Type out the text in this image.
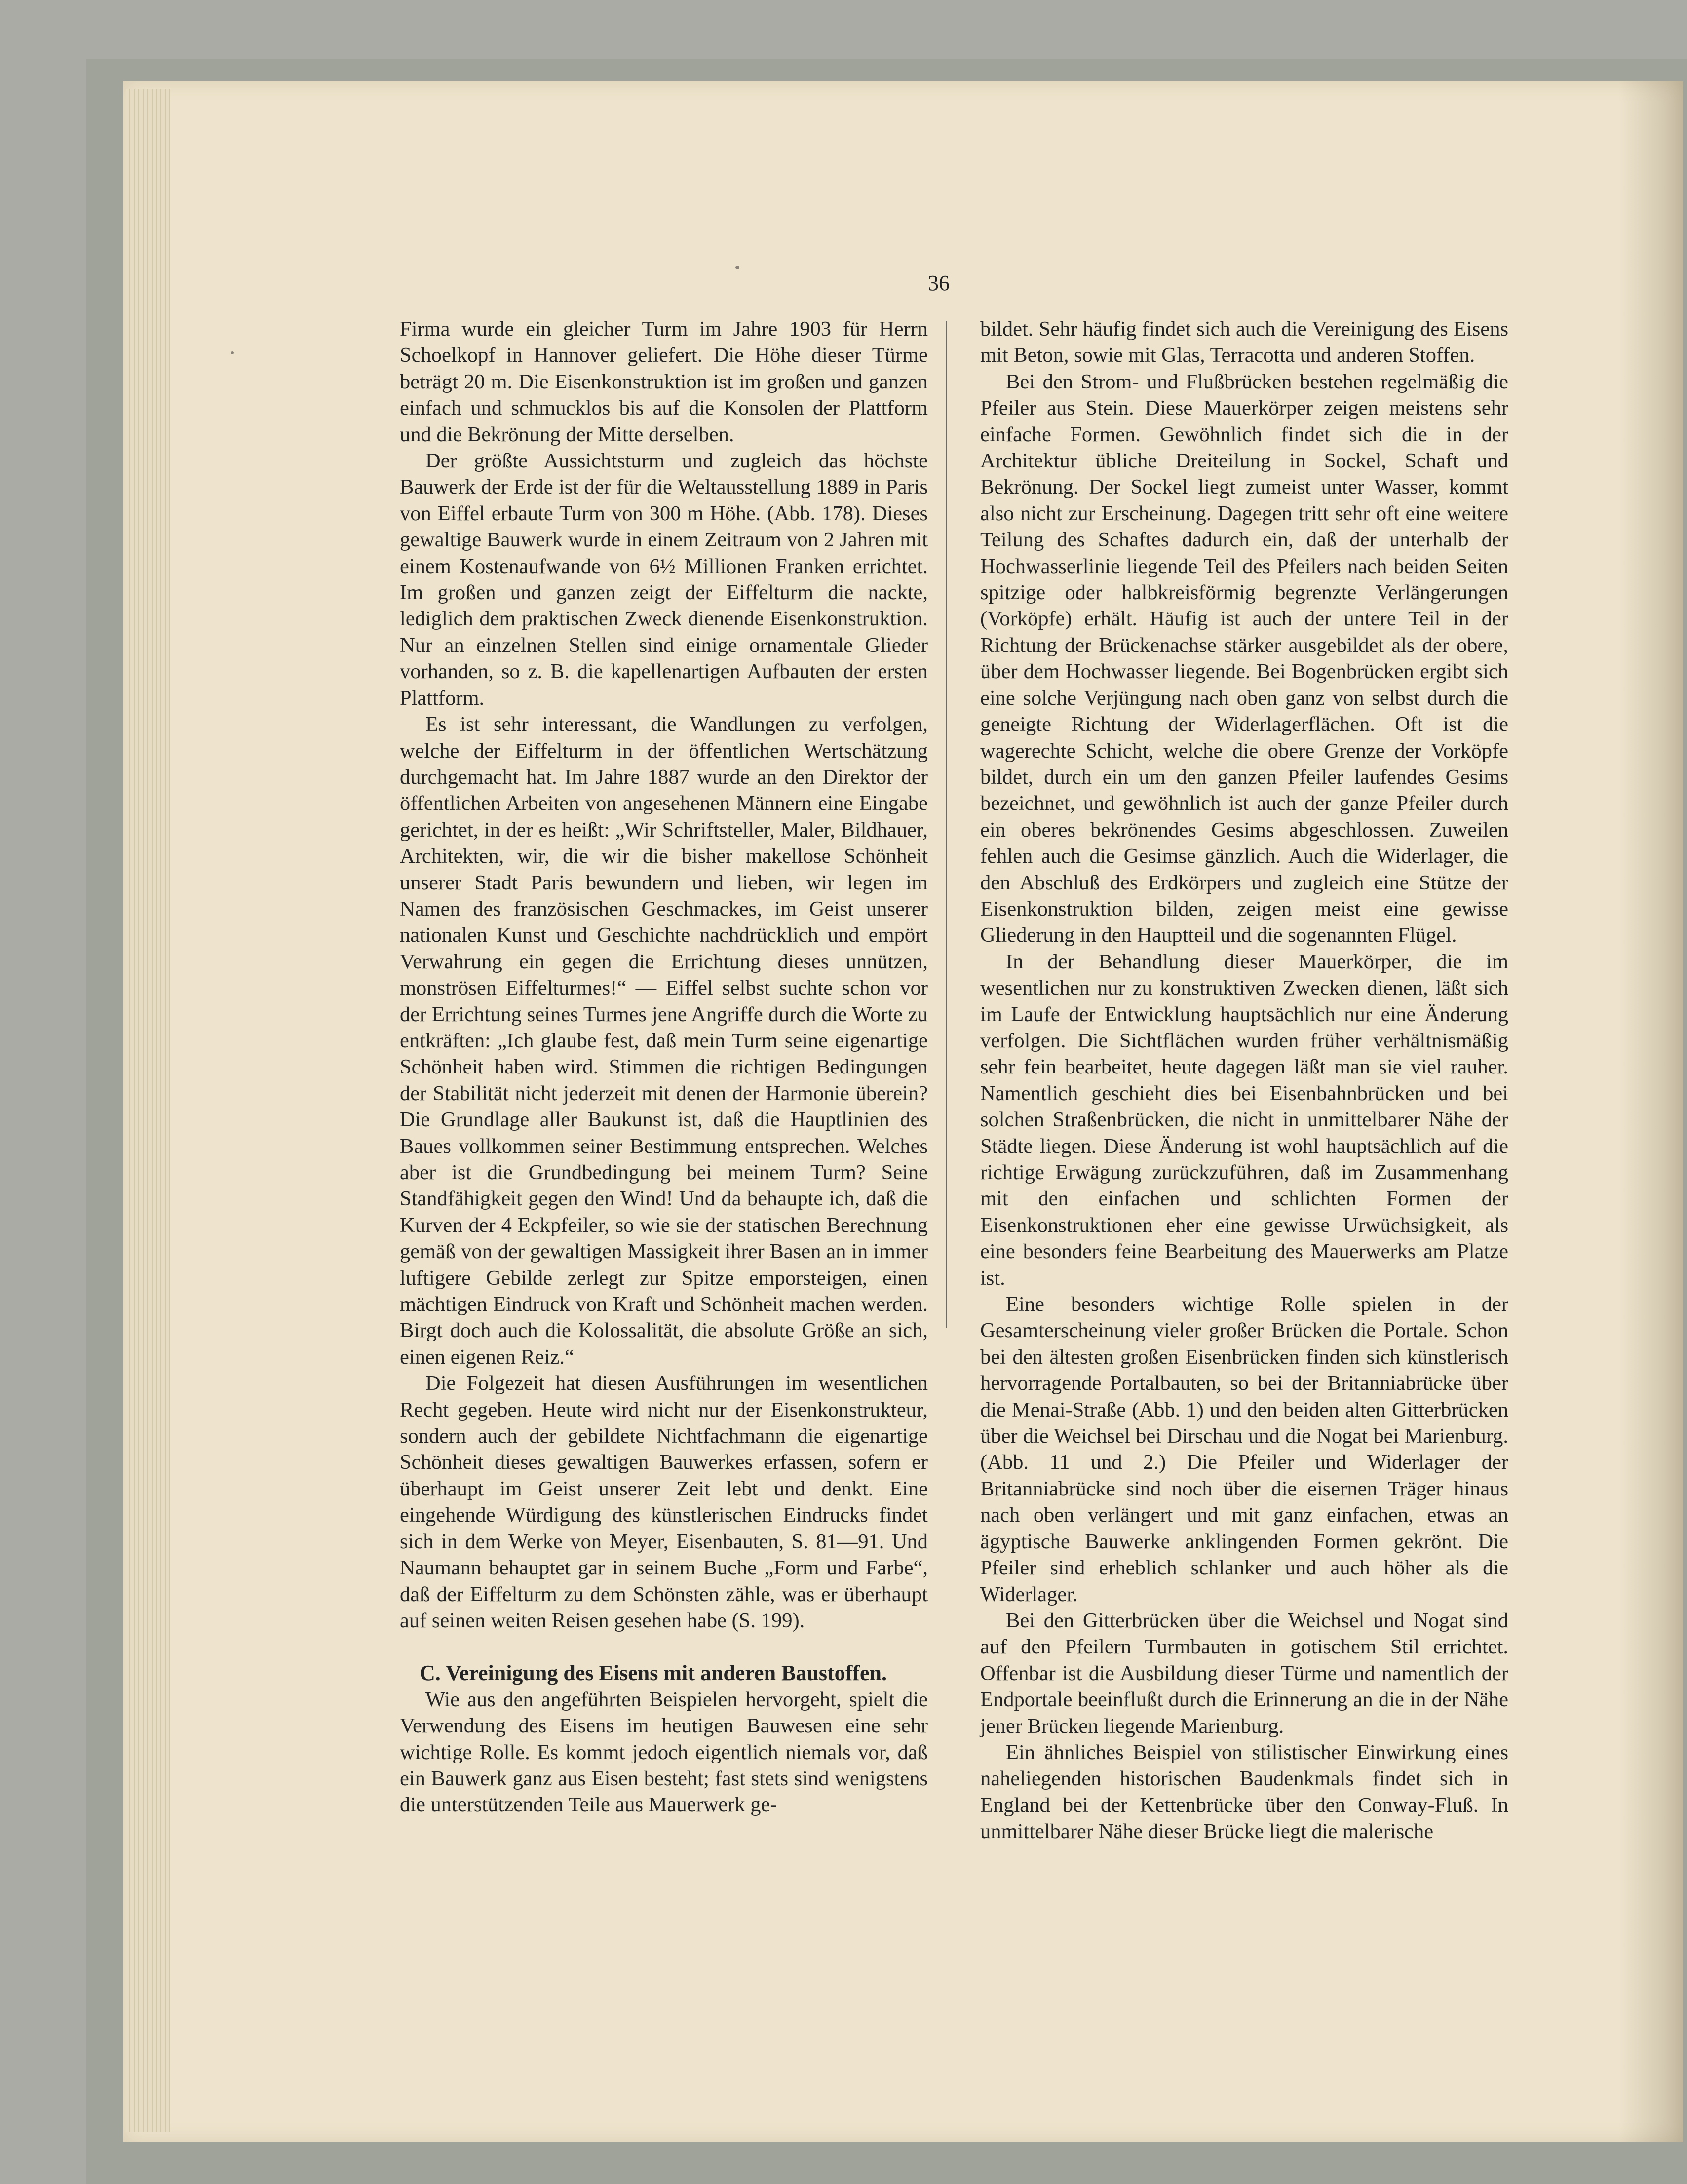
36

Firma wurde ein gleicher Turm im Jahre 1903 für Herrn Schoelkopf in Hannover geliefert. Die Höhe dieser Türme beträgt 20 m. Die Eisenkonstruktion ist im großen und ganzen einfach und schmucklos bis auf die Konsolen der Plattform und die Bekrönung der Mitte derselben.

Der größte Aussichtsturm und zugleich das höchste Bauwerk der Erde ist der für die Weltausstellung 1889 in Paris von Eiffel erbaute Turm von 300 m Höhe. (Abb. 178). Dieses gewaltige Bauwerk wurde in einem Zeitraum von 2 Jahren mit einem Kostenaufwande von 6½ Millionen Franken errichtet. Im großen und ganzen zeigt der Eiffelturm die nackte, lediglich dem praktischen Zweck dienende Eisenkonstruktion. Nur an einzelnen Stellen sind einige ornamentale Glieder vorhanden, so z. B. die kapellenartigen Aufbauten der ersten Plattform.

Es ist sehr interessant, die Wandlungen zu verfolgen, welche der Eiffelturm in der öffentlichen Wertschätzung durchgemacht hat. Im Jahre 1887 wurde an den Direktor der öffentlichen Arbeiten von angesehenen Männern eine Eingabe gerichtet, in der es heißt: „Wir Schriftsteller, Maler, Bildhauer, Architekten, wir, die wir die bisher makellose Schönheit unserer Stadt Paris bewundern und lieben, wir legen im Namen des französischen Geschmackes, im Geist unserer nationalen Kunst und Geschichte nachdrücklich und empört Verwahrung ein gegen die Errichtung dieses unnützen, monströsen Eiffelturmes!“ — Eiffel selbst suchte schon vor der Errichtung seines Turmes jene Angriffe durch die Worte zu entkräften: „Ich glaube fest, daß mein Turm seine eigenartige Schönheit haben wird. Stimmen die richtigen Bedingungen der Stabilität nicht jederzeit mit denen der Harmonie überein? Die Grundlage aller Baukunst ist, daß die Hauptlinien des Baues vollkommen seiner Bestimmung entsprechen. Welches aber ist die Grundbedingung bei meinem Turm? Seine Standfähigkeit gegen den Wind! Und da behaupte ich, daß die Kurven der 4 Eckpfeiler, so wie sie der statischen Berechnung gemäß von der gewaltigen Massigkeit ihrer Basen an in immer luftigere Gebilde zerlegt zur Spitze emporsteigen, einen mächtigen Eindruck von Kraft und Schönheit machen werden. Birgt doch auch die Kolossalität, die absolute Größe an sich, einen eigenen Reiz.“

Die Folgezeit hat diesen Ausführungen im wesentlichen Recht gegeben. Heute wird nicht nur der Eisenkonstrukteur, sondern auch der gebildete Nichtfachmann die eigenartige Schönheit dieses gewaltigen Bauwerkes erfassen, sofern er überhaupt im Geist unserer Zeit lebt und denkt. Eine eingehende Würdigung des künstlerischen Eindrucks findet sich in dem Werke von Meyer, Eisenbauten, S. 81—91. Und Naumann behauptet gar in seinem Buche „Form und Farbe“, daß der Eiffelturm zu dem Schönsten zähle, was er überhaupt auf seinen weiten Reisen gesehen habe (S. 199).

C. Vereinigung des Eisens mit anderen Baustoffen.

Wie aus den angeführten Beispielen hervorgeht, spielt die Verwendung des Eisens im heutigen Bauwesen eine sehr wichtige Rolle. Es kommt jedoch eigentlich niemals vor, daß ein Bauwerk ganz aus Eisen besteht; fast stets sind wenigstens die unterstützenden Teile aus Mauerwerk ge-

bildet. Sehr häufig findet sich auch die Vereinigung des Eisens mit Beton, sowie mit Glas, Terracotta und anderen Stoffen.

Bei den Strom- und Flußbrücken bestehen regelmäßig die Pfeiler aus Stein. Diese Mauerkörper zeigen meistens sehr einfache Formen. Gewöhnlich findet sich die in der Architektur übliche Dreiteilung in Sockel, Schaft und Bekrönung. Der Sockel liegt zumeist unter Wasser, kommt also nicht zur Erscheinung. Dagegen tritt sehr oft eine weitere Teilung des Schaftes dadurch ein, daß der unterhalb der Hochwasserlinie liegende Teil des Pfeilers nach beiden Seiten spitzige oder halbkreisförmig begrenzte Verlängerungen (Vorköpfe) erhält. Häufig ist auch der untere Teil in der Richtung der Brückenachse stärker ausgebildet als der obere, über dem Hochwasser liegende. Bei Bogenbrücken ergibt sich eine solche Verjüngung nach oben ganz von selbst durch die geneigte Richtung der Widerlagerflächen. Oft ist die wagerechte Schicht, welche die obere Grenze der Vorköpfe bildet, durch ein um den ganzen Pfeiler laufendes Gesims bezeichnet, und gewöhnlich ist auch der ganze Pfeiler durch ein oberes bekrönendes Gesims abgeschlossen. Zuweilen fehlen auch die Gesimse gänzlich. Auch die Widerlager, die den Abschluß des Erdkörpers und zugleich eine Stütze der Eisenkonstruktion bilden, zeigen meist eine gewisse Gliederung in den Hauptteil und die sogenannten Flügel.

In der Behandlung dieser Mauerkörper, die im wesentlichen nur zu konstruktiven Zwecken dienen, läßt sich im Laufe der Entwicklung hauptsächlich nur eine Änderung verfolgen. Die Sichtflächen wurden früher verhältnismäßig sehr fein bearbeitet, heute dagegen läßt man sie viel rauher. Namentlich geschieht dies bei Eisenbahnbrücken und bei solchen Straßenbrücken, die nicht in unmittelbarer Nähe der Städte liegen. Diese Änderung ist wohl hauptsächlich auf die richtige Erwägung zurückzuführen, daß im Zusammenhang mit den einfachen und schlichten Formen der Eisenkonstruktionen eher eine gewisse Urwüchsigkeit, als eine besonders feine Bearbeitung des Mauerwerks am Platze ist.

Eine besonders wichtige Rolle spielen in der Gesamterscheinung vieler großer Brücken die Portale. Schon bei den ältesten großen Eisenbrücken finden sich künstlerisch hervorragende Portalbauten, so bei der Britanniabrücke über die Menai-Straße (Abb. 1) und den beiden alten Gitterbrücken über die Weichsel bei Dirschau und die Nogat bei Marienburg. (Abb. 11 und 2.) Die Pfeiler und Widerlager der Britanniabrücke sind noch über die eisernen Träger hinaus nach oben verlängert und mit ganz einfachen, etwas an ägyptische Bauwerke anklingenden Formen gekrönt. Die Pfeiler sind erheblich schlanker und auch höher als die Widerlager.

Bei den Gitterbrücken über die Weichsel und Nogat sind auf den Pfeilern Turmbauten in gotischem Stil errichtet. Offenbar ist die Ausbildung dieser Türme und namentlich der Endportale beeinflußt durch die Erinnerung an die in der Nähe jener Brücken liegende Marienburg.

Ein ähnliches Beispiel von stilistischer Einwirkung eines naheliegenden historischen Baudenkmals findet sich in England bei der Kettenbrücke über den Conway-Fluß. In unmittelbarer Nähe dieser Brücke liegt die malerische
